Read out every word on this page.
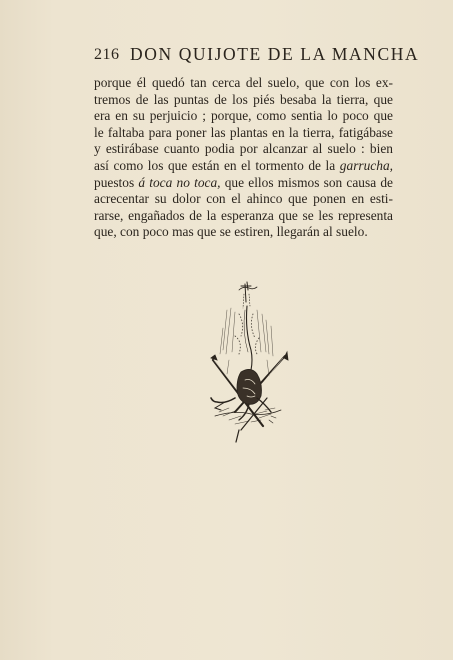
216 DON QUIJOTE DE LA MANCHA
porque él quedó tan cerca del suelo, que con los ex-
tremos de las puntas de los piés besaba la tierra, que
era en su perjuicio ; porque, como sentia lo poco que
le faltaba para poner las plantas en la tierra, fatigábase
y estirábase cuanto podia por alcanzar al suelo : bien
así como los que están en el tormento de la garrucha,
puestos á toca no toca, que ellos mismos son causa de
acrecentar su dolor con el ahinco que ponen en esti-
rarse, engañados de la esperanza que se les representa
que, con poco mas que se estiren, llegarán al suelo.
